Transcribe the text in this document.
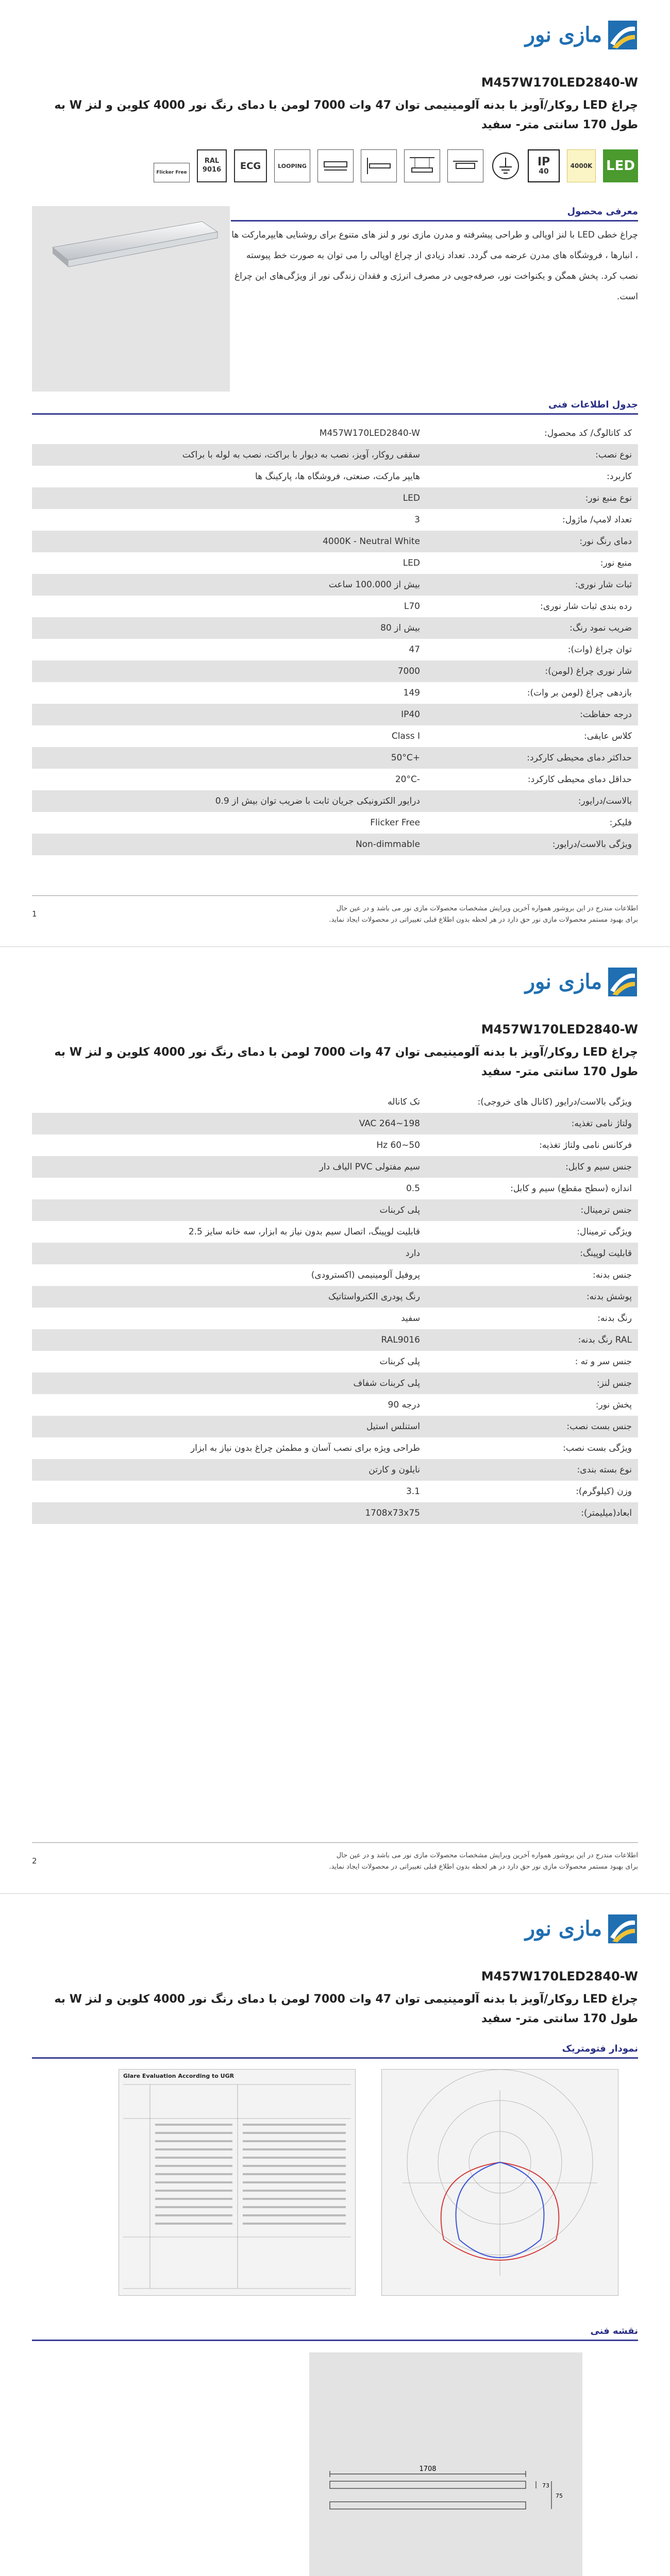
مازی نور
M457W170LED2840-W
چراغ LED روکار/آویز با بدنه آلومینیمی توان 47 وات 7000 لومن با دمای رنگ نور 4000 کلوین و لنز W به طول 170 سانتی متر- سفید
LED
4000K
IP
40
LOOPING
ECG
RAL
9016
Flicker Free
معرفی محصول
چراغ خطی LED با لنز اوپالی و طراحی پیشرفته و مدرن مازی نور و لنز های متنوع برای روشنایی هایپرمارکت ها ، انبارها ، فروشگاه های مدرن عرضه می گردد. تعداد زیادی از چراغ اوپالی را می توان به صورت خط پیوسته نصب کرد. پخش همگن و یکنواخت نور، صرفه‌جویی در مصرف انرژی و فقدان زندگی نور از ویژگی‌های این چراغ است.
جدول اطلاعات فنی
کد کاتالوگ/ کد محصول:
M457W170LED2840-W
نوع نصب:
سقفی روکار، آویز، نصب به دیوار با براکت، نصب به لوله با براکت
کاربرد:
هایپر مارکت، صنعتی، فروشگاه ها، پارکینگ ها
نوع منبع نور:
LED
تعداد لامپ/ ماژول:
3
دمای رنگ نور:
4000K - Neutral White
منبع نور:
LED
ثبات شار نوری:
بیش از 100.000 ساعت
رده بندی ثبات شار نوری:
L70
ضریب نمود رنگ:
بیش از 80
توان چراغ (وات):
47
شار نوری چراغ (لومن):
7000
بازدهی چراغ (لومن بر وات):
149
درجه حفاظت:
IP40
کلاس عایقی:
Class I
حداکثر دمای محیطی کارکرد:
+50°C
حداقل دمای محیطی کارکرد:
-20°C
بالاست/درایور:
درایور الکترونیکی جریان ثابت با ضریب توان بیش از 0.9
فلیکر:
Flicker Free
ویژگی بالاست/درایور:
Non-dimmable
اطلاعات مندرج در این بروشور همواره آخرین ویرایش مشخصات محصولات مازی نور می باشد و در عین حال
برای بهبود مستمر محصولات مازی نور حق دارد در هر لحظه بدون اطلاع قبلی تغییراتی در محصولات ایجاد نماید.
1
مازی نور
M457W170LED2840-W
چراغ LED روکار/آویز با بدنه آلومینیمی توان 47 وات 7000 لومن با دمای رنگ نور 4000 کلوین و لنز W به طول 170 سانتی متر- سفید
ویژگی بالاست/درایور (کانال های خروجی):
تک کاناله
ولتاژ نامی تغذیه:
198~264 VAC
فرکانس نامی ولتاژ تغذیه:
50~60 Hz
جنس سیم و کابل:
سیم مفتولی PVC الیاف دار
اندازه (سطح مقطع) سیم و کابل:
0.5
جنس ترمینال:
پلی کربنات
ویژگی ترمینال:
قابلیت لوپینگ، اتصال سیم بدون نیاز به ابزار، سه خانه سایز 2.5
قابلیت لوپینگ:
دارد
جنس بدنه:
پروفیل آلومینیمی (اکسترودی)
پوشش بدنه:
رنگ پودری الکترواستاتیک
رنگ بدنه:
سفید
RAL رنگ بدنه:
RAL9016
جنس سر و ته :
پلی کربنات
جنس لنز:
پلی کربنات شفاف
پخش نور:
درجه 90
جنس بست نصب:
استنلس استیل
ویژگی بست نصب:
طراحی ویژه برای نصب آسان و مطمئن چراغ بدون نیاز به ابزار
نوع بسته بندی:
نایلون و کارتن
وزن (کیلوگرم):
3.1
ابعاد(میلیمتر):
1708x73x75
اطلاعات مندرج در این بروشور همواره آخرین ویرایش مشخصات محصولات مازی نور می باشد و در عین حال
برای بهبود مستمر محصولات مازی نور حق دارد در هر لحظه بدون اطلاع قبلی تغییراتی در محصولات ایجاد نماید.
2
مازی نور
M457W170LED2840-W
چراغ LED روکار/آویز با بدنه آلومینیمی توان 47 وات 7000 لومن با دمای رنگ نور 4000 کلوین و لنز W به طول 170 سانتی متر- سفید
نمودار فتومتریک
Glare Evaluation According to UGR
نقشه فنی
1708
73
75
